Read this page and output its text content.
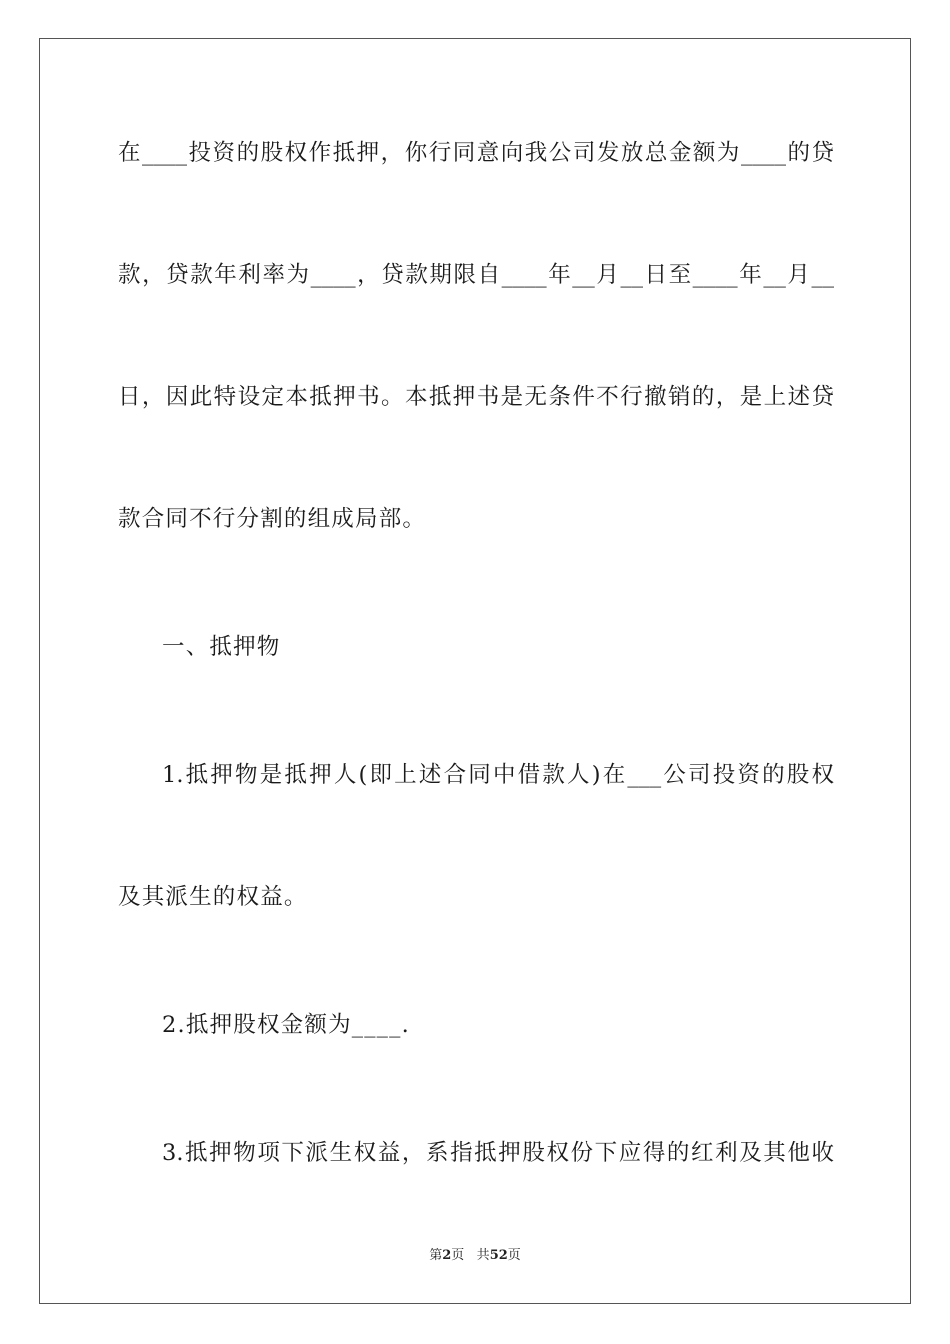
在____投资的股权作抵押，你行同意向我公司发放总金额为____的贷
款，贷款年利率为____，贷款期限自____年__月__日至____年__月__
日，因此特设定本抵押书。本抵押书是无条件不行撤销的，是上述贷
款合同不行分割的组成局部。
一、抵押物
1.抵押物是抵押人(即上述合同中借款人)在___公司投资的股权
及其派生的权益。
2.抵押股权金额为____.
3.抵押物项下派生权益，系指抵押股权份下应得的红利及其他收
第2页 共52页
